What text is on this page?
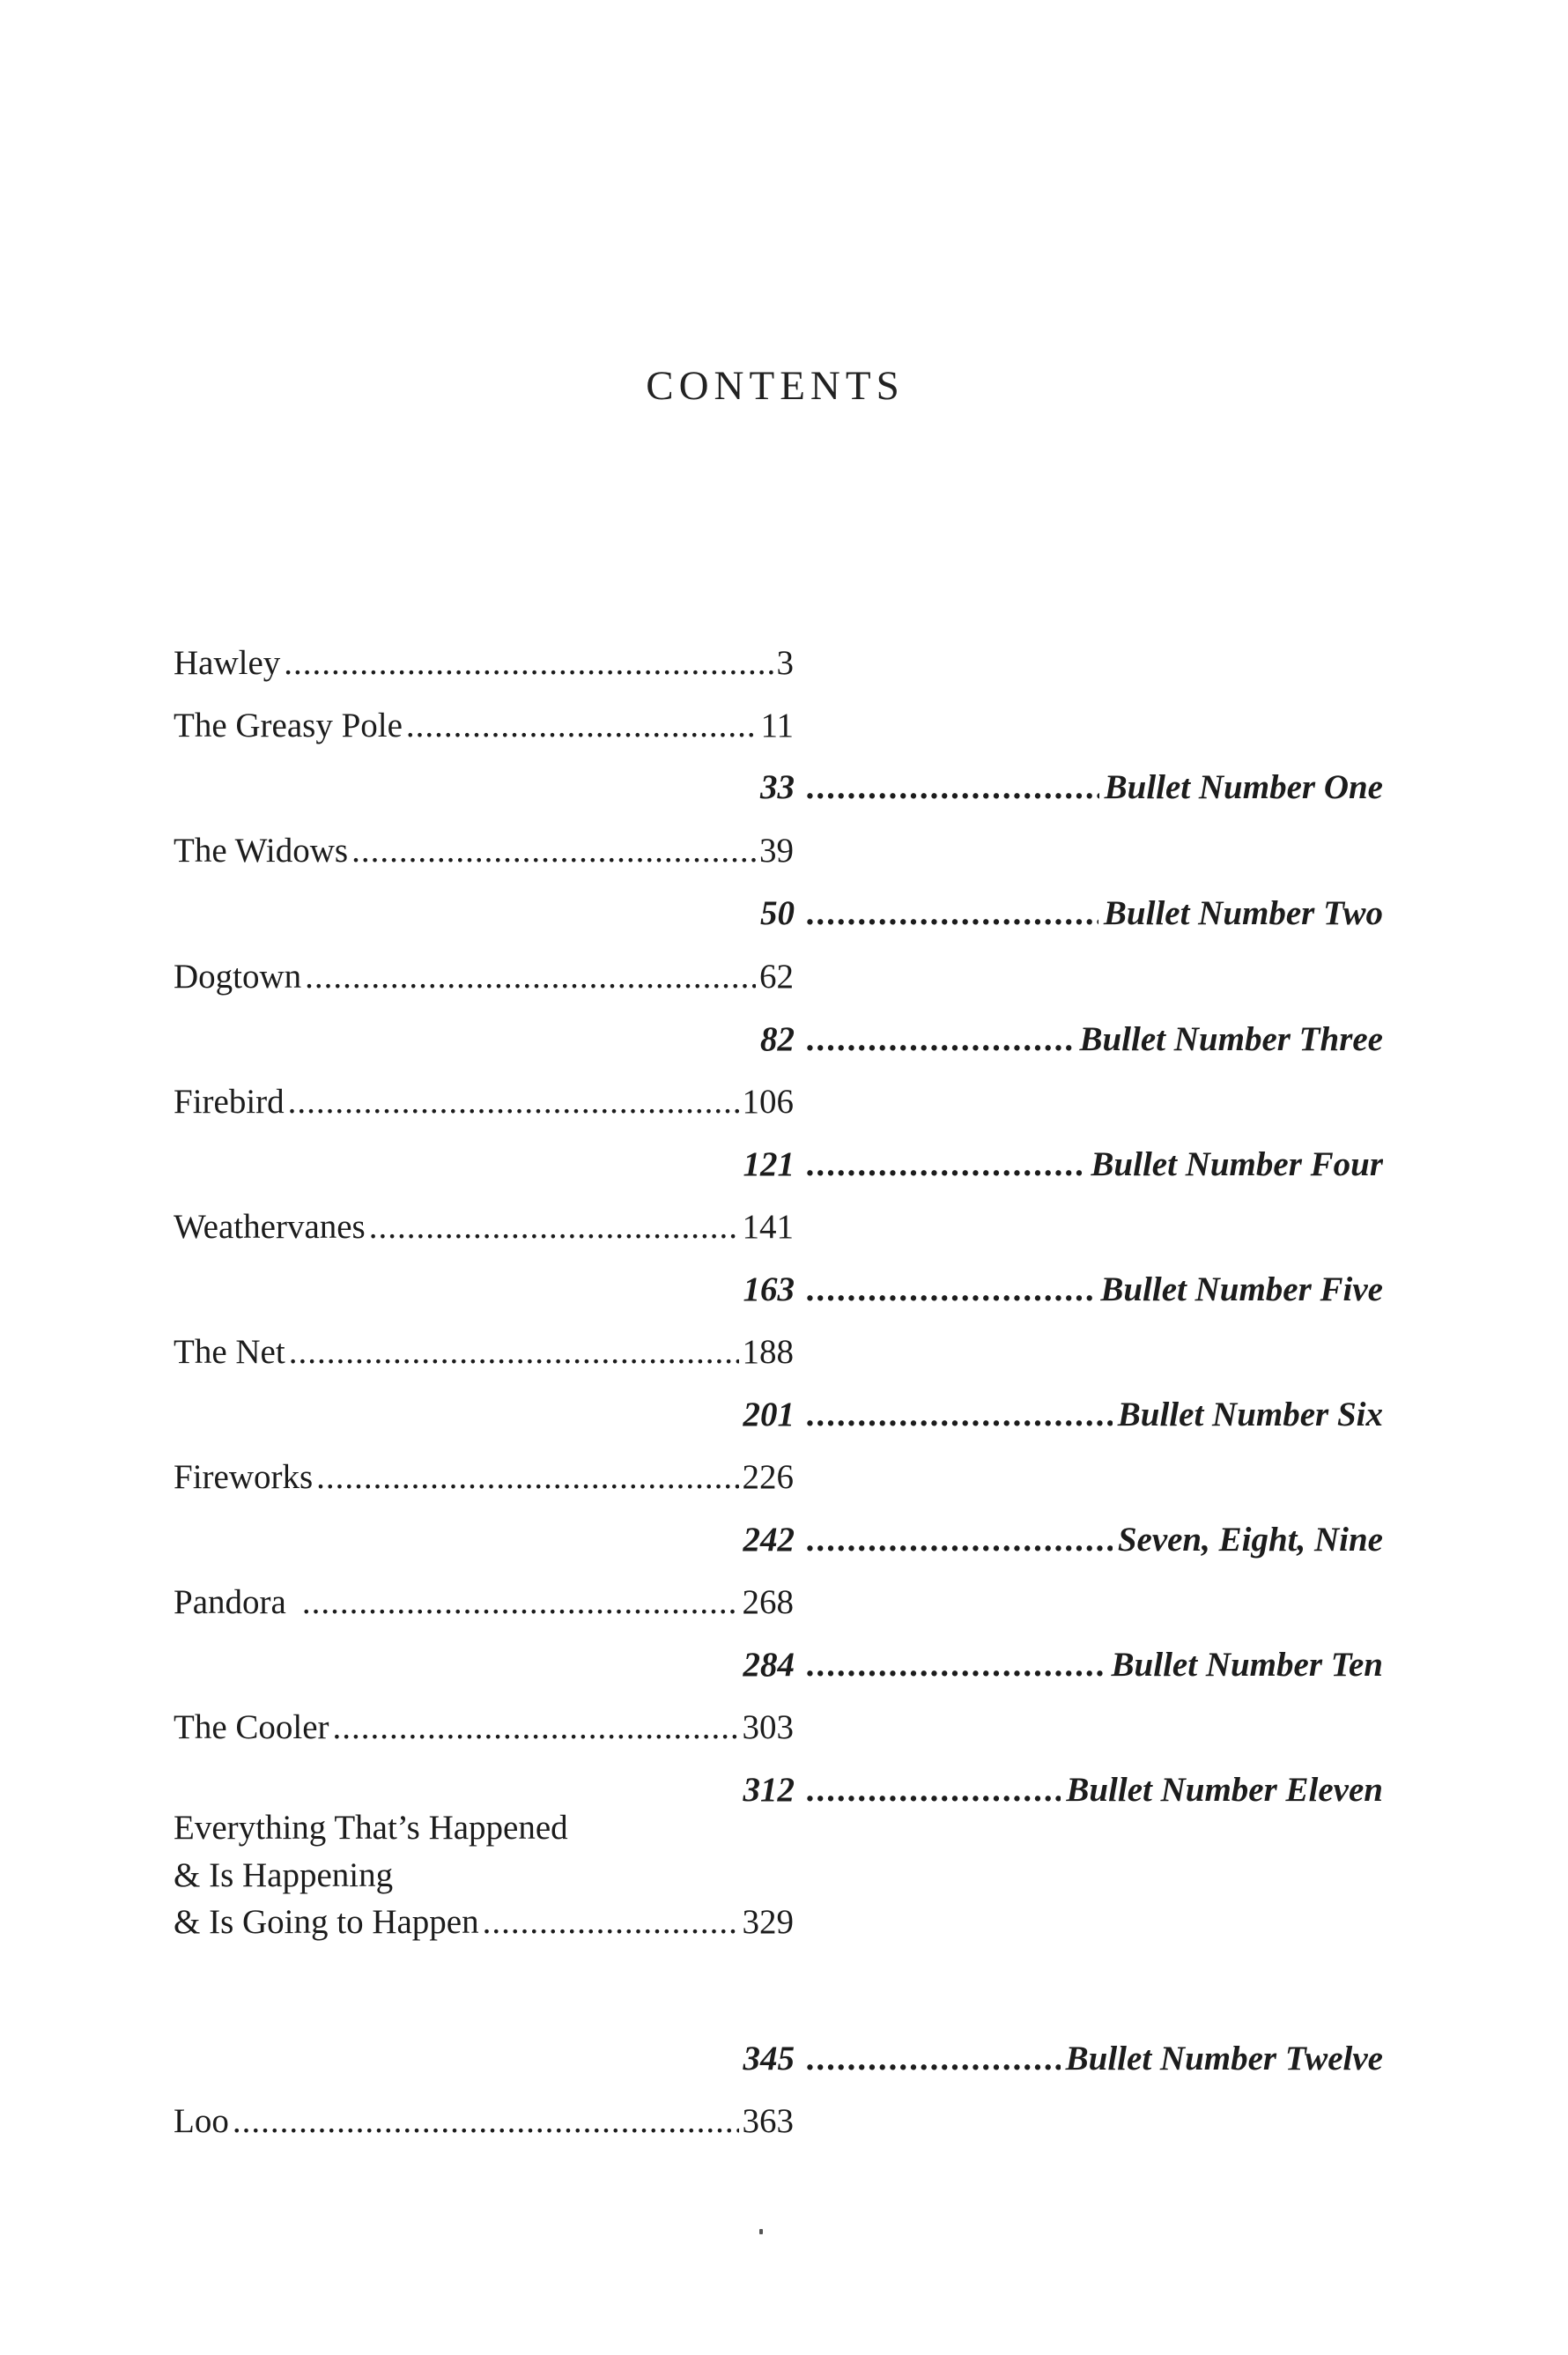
CONTENTS
Hawley .....	3
The Greasy Pole .....	11
33 .....	Bullet Number One
The Widows .....	39
50 .....	Bullet Number Two
Dogtown .....	62
82 .....	Bullet Number Three
Firebird .....	106
121 .....	Bullet Number Four
Weathervanes .....	141
163 .....	Bullet Number Five
The Net .....	188
201 .....	Bullet Number Six
Fireworks .....	226
242 .....	Seven, Eight, Nine
Pandora .....	268
284 .....	Bullet Number Ten
The Cooler .....	303
312 .....	Bullet Number Eleven
Everything That’s Happened
& Is Happening
& Is Going to Happen .....	329
345 .....	Bullet Number Twelve
Loo .....	363
